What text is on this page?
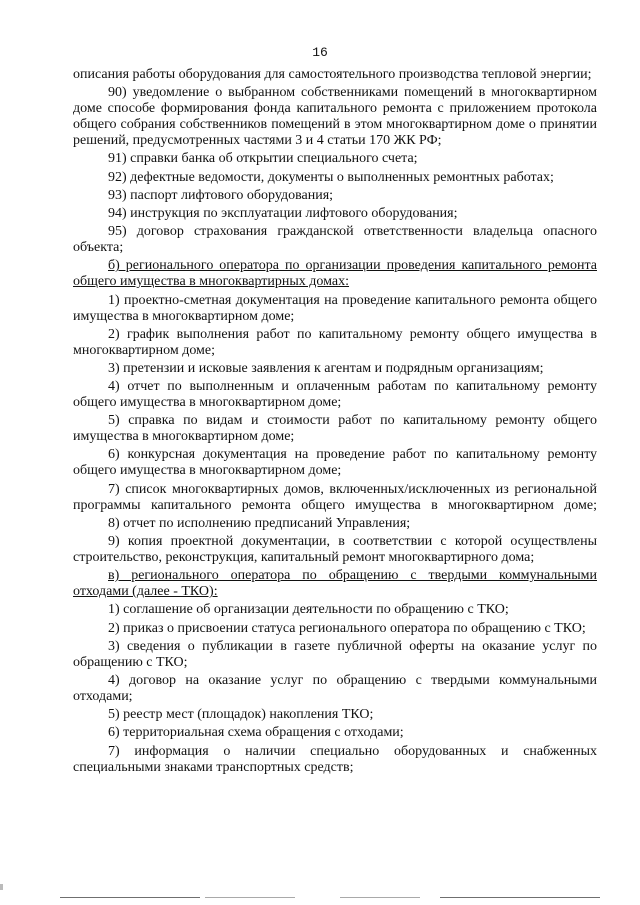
16

описания работы оборудования для самостоятельного производства тепловой энергии;

90) уведомление о выбранном собственниками помещений в многоквартирном доме способе формирования фонда капитального ремонта с приложением протокола общего собрания собственников помещений в этом многоквартирном доме о принятии решений, предусмотренных частями 3 и 4 статьи 170 ЖК РФ;

91) справки банка об открытии специального счета;

92) дефектные ведомости, документы о выполненных ремонтных работах;

93) паспорт лифтового оборудования;

94) инструкция по эксплуатации лифтового оборудования;

95) договор страхования гражданской ответственности владельца опасного объекта;

б) регионального оператора по организации проведения капитального ремонта общего имущества в многоквартирных домах:

1) проектно-сметная документация на проведение капитального ремонта общего имущества в многоквартирном доме;

2) график выполнения работ по капитальному ремонту общего имущества в многоквартирном доме;

3) претензии и исковые заявления к агентам и подрядным организациям;

4) отчет по выполненным и оплаченным работам по капитальному ремонту общего имущества в многоквартирном доме;

5) справка по видам и стоимости работ по капитальному ремонту общего имущества в многоквартирном доме;

6) конкурсная документация на проведение работ по капитальному ремонту общего имущества в многоквартирном доме;

7) список многоквартирных домов, включенных/исключенных из региональной программы капитального ремонта общего имущества в многоквартирном доме;

8) отчет по исполнению предписаний Управления;

9) копия проектной документации, в соответствии с которой осуществлены строительство, реконструкция, капитальный ремонт многоквартирного дома;

в) регионального оператора по обращению с твердыми коммунальными отходами (далее - ТКО):

1) соглашение об организации деятельности по обращению с ТКО;

2) приказ о присвоении статуса регионального оператора по обращению с ТКО;

3) сведения о публикации в газете публичной оферты на оказание услуг по обращению с ТКО;

4) договор на оказание услуг по обращению с твердыми коммунальными отходами;

5) реестр мест (площадок) накопления ТКО;

6) территориальная схема обращения с отходами;

7) информация о наличии специально оборудованных и снабженных специальными знаками транспортных средств;
